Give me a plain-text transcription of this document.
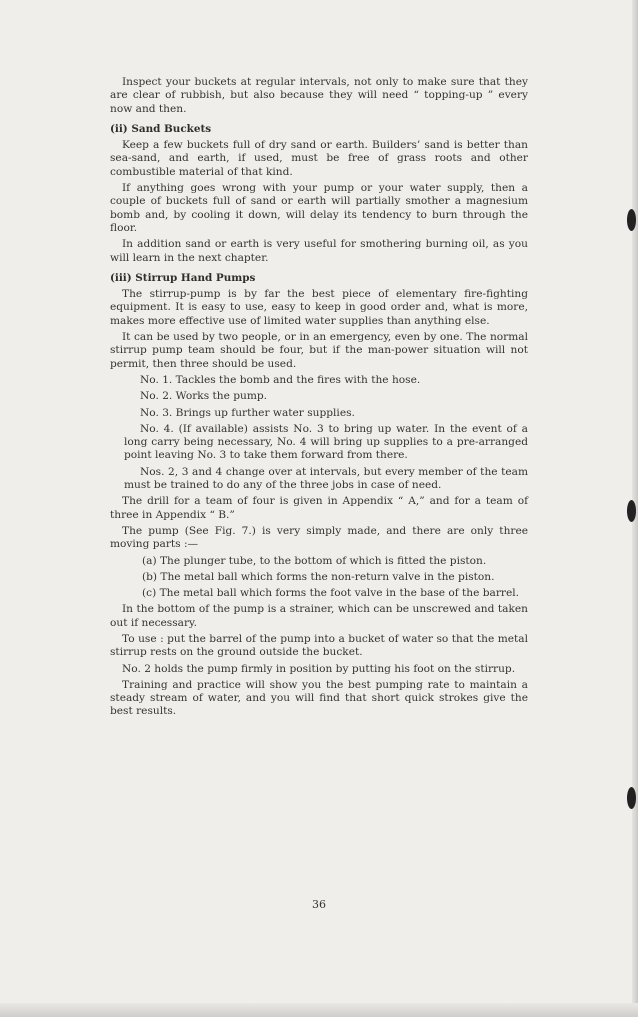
Inspect your buckets at regular intervals, not only to make sure that they are clear of rubbish, but also because they will need “ topping-up ” every now and then.

(ii) Sand Buckets

Keep a few buckets full of dry sand or earth. Builders’ sand is better than sea-sand, and earth, if used, must be free of grass roots and other combustible material of that kind.

If anything goes wrong with your pump or your water supply, then a couple of buckets full of sand or earth will partially smother a magnesium bomb and, by cooling it down, will delay its tendency to burn through the floor.

In addition sand or earth is very useful for smothering burning oil, as you will learn in the next chapter.

(iii) Stirrup Hand Pumps

The stirrup-pump is by far the best piece of elementary fire-fighting equipment. It is easy to use, easy to keep in good order and, what is more, makes more effective use of limited water supplies than anything else.

It can be used by two people, or in an emergency, even by one. The normal stirrup pump team should be four, but if the man-power situation will not permit, then three should be used.

No. 1. Tackles the bomb and the fires with the hose.
No. 2. Works the pump.
No. 3. Brings up further water supplies.
No. 4. (If available) assists No. 3 to bring up water. In the event of a long carry being necessary, No. 4 will bring up supplies to a pre-arranged point leaving No. 3 to take them forward from there.
Nos. 2, 3 and 4 change over at intervals, but every member of the team must be trained to do any of the three jobs in case of need.

The drill for a team of four is given in Appendix “ A,” and for a team of three in Appendix “ B.”

The pump (See Fig. 7.) is very simply made, and there are only three moving parts :—

(a) The plunger tube, to the bottom of which is fitted the piston.
(b) The metal ball which forms the non-return valve in the piston.
(c) The metal ball which forms the foot valve in the base of the barrel.

In the bottom of the pump is a strainer, which can be unscrewed and taken out if necessary.

To use : put the barrel of the pump into a bucket of water so that the metal stirrup rests on the ground outside the bucket.

No. 2 holds the pump firmly in position by putting his foot on the stirrup.

Training and practice will show you the best pumping rate to maintain a steady stream of water, and you will find that short quick strokes give the best results.

36
